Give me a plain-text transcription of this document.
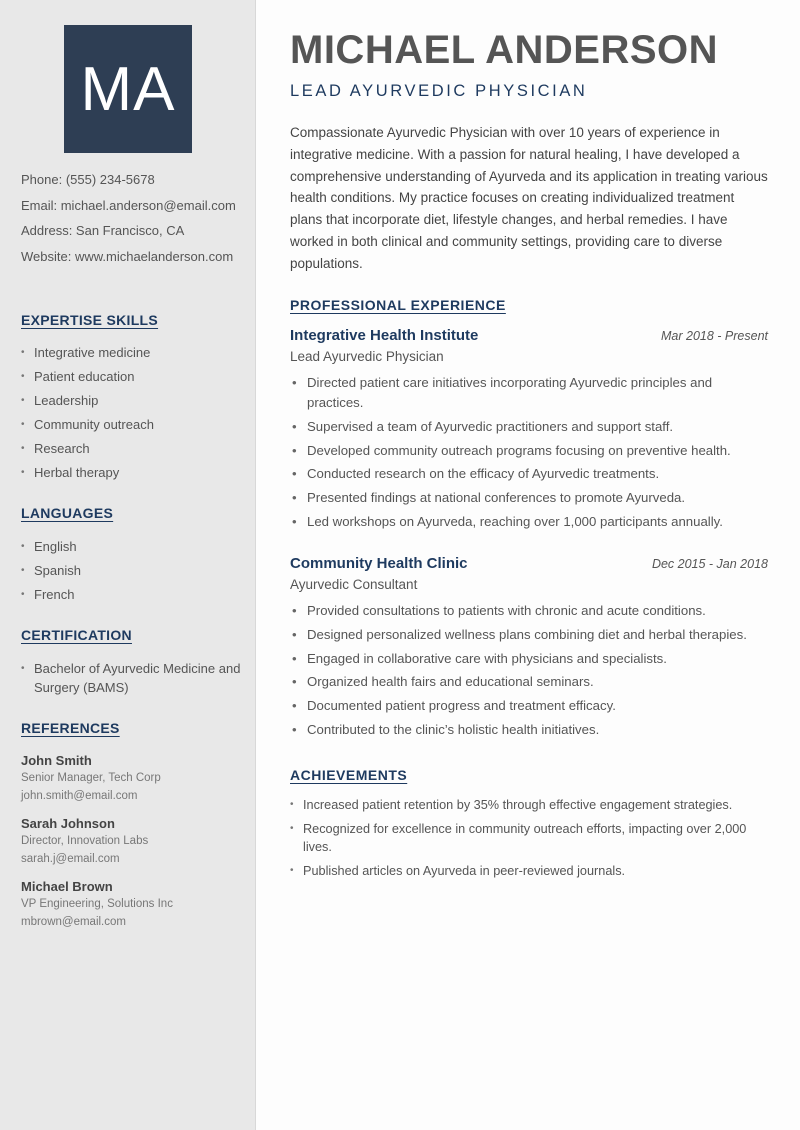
MA
Phone: (555) 234-5678
Email: michael.anderson@email.com
Address: San Francisco, CA
Website: www.michaelanderson.com
EXPERTISE SKILLS
• Integrative medicine
• Patient education
• Leadership
• Community outreach
• Research
• Herbal therapy
LANGUAGES
• English
• Spanish
• French
CERTIFICATION
• Bachelor of Ayurvedic Medicine and Surgery (BAMS)
REFERENCES
John Smith
Senior Manager, Tech Corp
john.smith@email.com
Sarah Johnson
Director, Innovation Labs
sarah.j@email.com
Michael Brown
VP Engineering, Solutions Inc
mbrown@email.com
MICHAEL ANDERSON
LEAD AYURVEDIC PHYSICIAN

Compassionate Ayurvedic Physician with over 10 years of experience in integrative medicine. With a passion for natural healing, I have developed a comprehensive understanding of Ayurveda and its application in treating various health conditions. My practice focuses on creating individualized treatment plans that incorporate diet, lifestyle changes, and herbal remedies. I have worked in both clinical and community settings, providing care to diverse populations.

PROFESSIONAL EXPERIENCE
Integrative Health Institute	Mar 2018 - Present
Lead Ayurvedic Physician
• Directed patient care initiatives incorporating Ayurvedic principles and practices.
• Supervised a team of Ayurvedic practitioners and support staff.
• Developed community outreach programs focusing on preventive health.
• Conducted research on the efficacy of Ayurvedic treatments.
• Presented findings at national conferences to promote Ayurveda.
• Led workshops on Ayurveda, reaching over 1,000 participants annually.
Community Health Clinic	Dec 2015 - Jan 2018
Ayurvedic Consultant
• Provided consultations to patients with chronic and acute conditions.
• Designed personalized wellness plans combining diet and herbal therapies.
• Engaged in collaborative care with physicians and specialists.
• Organized health fairs and educational seminars.
• Documented patient progress and treatment efficacy.
• Contributed to the clinic’s holistic health initiatives.
ACHIEVEMENTS
• Increased patient retention by 35% through effective engagement strategies.
• Recognized for excellence in community outreach efforts, impacting over 2,000 lives.
• Published articles on Ayurveda in peer-reviewed journals.
